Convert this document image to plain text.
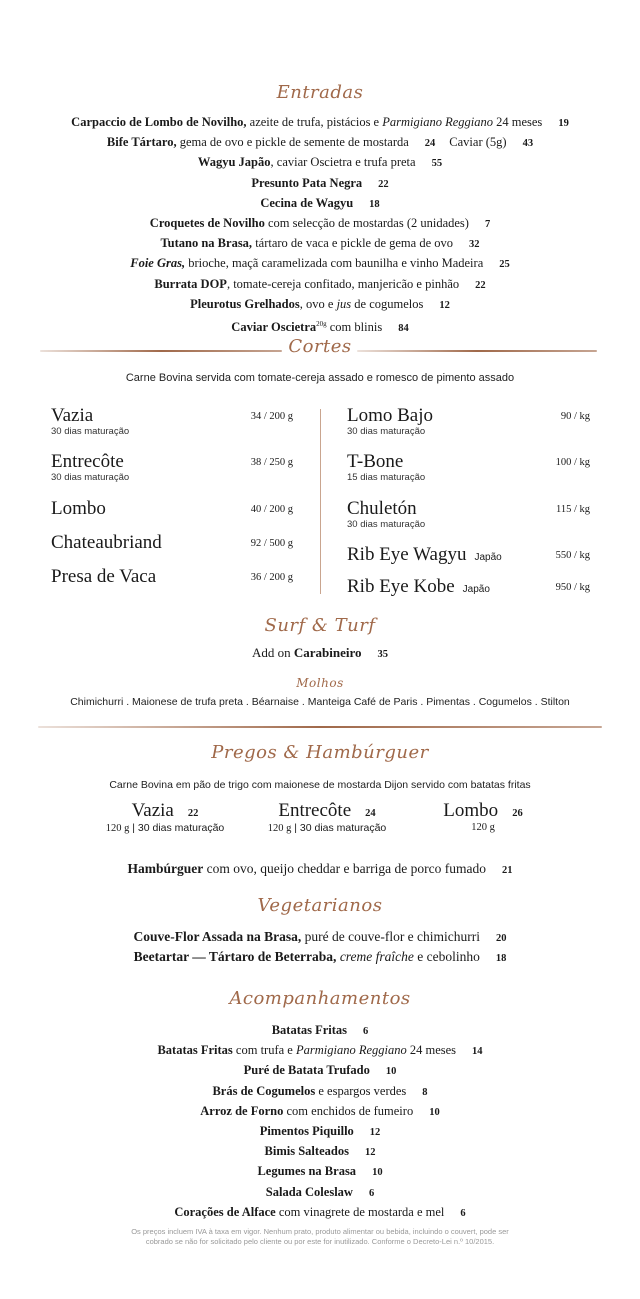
Entradas
Carpaccio de Lombo de Novilho, azeite de trufa, pistácios e Parmigiano Reggiano 24 meses 19
Bife Tártaro, gema de ovo e pickle de semente de mostarda 24 Caviar (5g) 43
Wagyu Japão, caviar Oscietra e trufa preta 55
Presunto Pata Negra 22
Cecina de Wagyu 18
Croquetes de Novilho com selecção de mostardas (2 unidades) 7
Tutano na Brasa, tártaro de vaca e pickle de gema de ovo 32
Foie Gras, brioche, maçã caramelizada com baunilha e vinho Madeira 25
Burrata DOP, tomate-cereja confitado, manjericão e pinhão 22
Pleurotus Grelhados, ovo e jus de cogumelos 12
Caviar Oscietra$^{20g}$ com blinis 84
Cortes
Carne Bovina servida com tomate-cereja assado e romesco de pimento assado
Vazia	34 / 200 g
30 dias maturação
Entrecôte	38 / 250 g
30 dias maturação
Lombo	40 / 200 g
Chateaubriand	92 / 500 g
Presa de Vaca	36 / 200 g
Lomo Bajo	90 / kg
30 dias maturação
T-Bone	100 / kg
15 dias maturação
Chuletón	115 / kg
30 dias maturação
Rib Eye Wagyu Japão	550 / kg
Rib Eye Kobe Japão	950 / kg
Surf & Turf
Add on Carabineiro 35
Molhos
Chimichurri . Maionese de trufa preta . Béarnaise . Manteiga Café de Paris . Pimentas . Cogumelos . Stilton
Pregos & Hambúrguer
Carne Bovina em pão de trigo com maionese de mostarda Dijon servido com batatas fritas
Vazia 22
120 g | 30 dias maturação
Entrecôte 24
120 g | 30 dias maturação
Lombo 26
120 g
Hambúrguer com ovo, queijo cheddar e barriga de porco fumado 21
Vegetarianos
Couve-Flor Assada na Brasa, puré de couve-flor e chimichurri 20
Beetartar — Tártaro de Beterraba, creme fraîche e cebolinho 18
Acompanhamentos
Batatas Fritas 6
Batatas Fritas com trufa e Parmigiano Reggiano 24 meses 14
Puré de Batata Trufado 10
Brás de Cogumelos e espargos verdes 8
Arroz de Forno com enchidos de fumeiro 10
Pimentos Piquillo 12
Bimis Salteados 12
Legumes na Brasa 10
Salada Coleslaw 6
Corações de Alface com vinagrete de mostarda e mel 6
Os preços incluem IVA à taxa em vigor. Nenhum prato, produto alimentar ou bebida, incluindo o couvert, pode ser
cobrado se não for solicitado pelo cliente ou por este for inutilizado. Conforme o Decreto-Lei n.º 10/2015.
